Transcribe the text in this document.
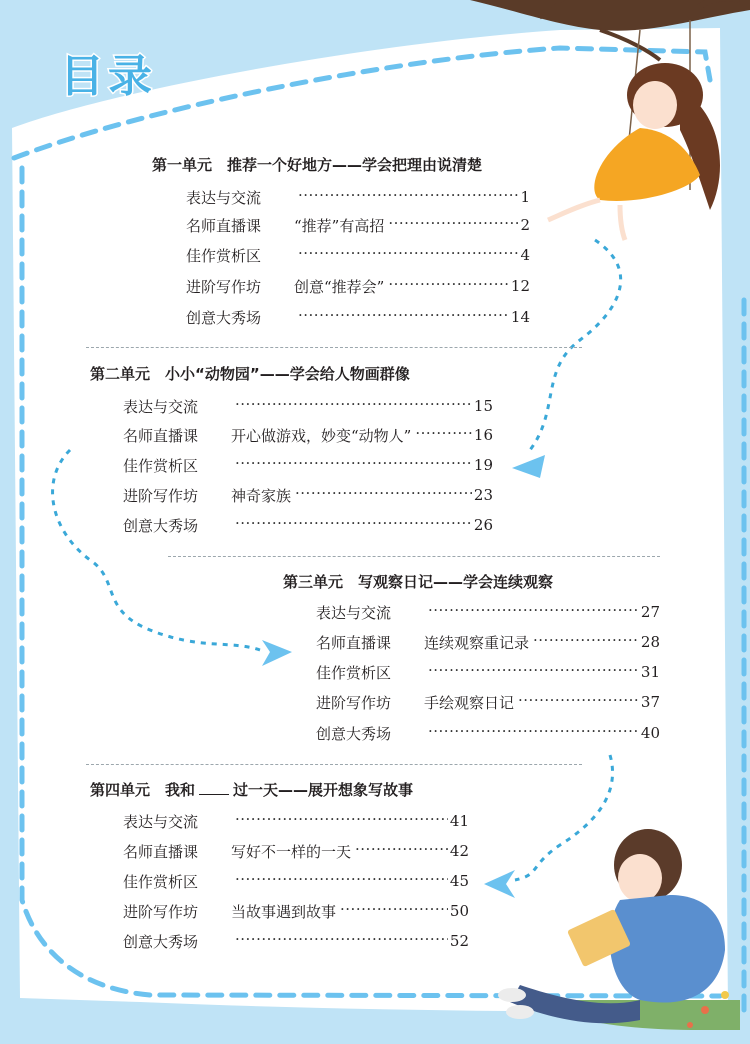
目录
第一单元　推荐一个好地方——学会把理由说清楚
表达与交流 ·····	1
名师直播课	“推荐”有高招 ·····	2
佳作赏析区 ·····	4
进阶写作坊	创意“推荐会” ·····	12
创意大秀场 ·····	14
第二单元　小小“动物园”——学会给人物画群像
表达与交流 ·····	15
名师直播课	开心做游戏，妙变“动物人” ·····	16
佳作赏析区 ·····	19
进阶写作坊	神奇家族 ·····	23
创意大秀场 ·····	26
第三单元　写观察日记——学会连续观察
表达与交流 ·····	27
名师直播课	连续观察重记录 ·····	28
佳作赏析区 ·····	31
进阶写作坊	手绘观察日记 ·····	37
创意大秀场 ·····	40
第四单元　我和	过一天——展开想象写故事
表达与交流 ·····	41
名师直播课	写好不一样的一天 ·····	42
佳作赏析区 ·····	45
进阶写作坊	当故事遇到故事 ·····	50
创意大秀场 ·····	52
